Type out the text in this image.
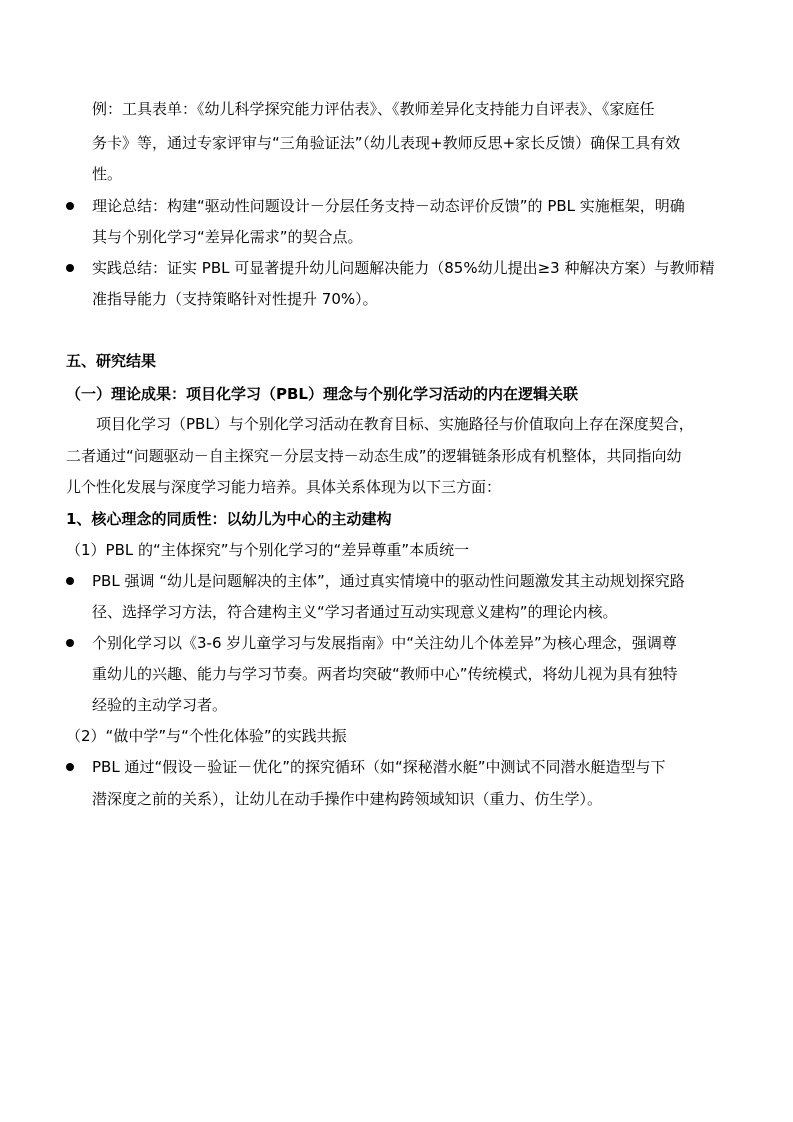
例：工具表单：《幼儿科学探究能力评估表》、《教师差异化支持能力自评表》、《家庭任
务卡》等，通过专家评审与“三角验证法”（幼儿表现+教师反思+家长反馈）确保工具有效
性。
理论总结：构建“驱动性问题设计－分层任务支持－动态评价反馈”的 PBL 实施框架，明确
其与个别化学习“差异化需求”的契合点。
实践总结：证实 PBL 可显著提升幼儿问题解决能力（85%幼儿提出≥3 种解决方案）与教师精
准指导能力（支持策略针对性提升 70%）。
五、研究结果
（一）理论成果：项目化学习（PBL）理念与个别化学习活动的内在逻辑关联
项目化学习（PBL）与个别化学习活动在教育目标、实施路径与价值取向上存在深度契合，
二者通过“问题驱动－自主探究－分层支持－动态生成”的逻辑链条形成有机整体，共同指向幼
儿个性化发展与深度学习能力培养。具体关系体现为以下三方面：
1、核心理念的同质性：以幼儿为中心的主动建构
（1）PBL 的“主体探究”与个别化学习的“差异尊重”本质统一
PBL 强调 “幼儿是问题解决的主体”，通过真实情境中的驱动性问题激发其主动规划探究路
径、选择学习方法，符合建构主义“学习者通过互动实现意义建构”的理论内核。
个别化学习以《3-6 岁儿童学习与发展指南》中“关注幼儿个体差异”为核心理念，强调尊
重幼儿的兴趣、能力与学习节奏。两者均突破“教师中心”传统模式，将幼儿视为具有独特
经验的主动学习者。
（2）“做中学”与“个性化体验”的实践共振
PBL 通过“假设－验证－优化”的探究循环（如“探秘潜水艇”中测试不同潜水艇造型与下
潜深度之前的关系），让幼儿在动手操作中建构跨领域知识（重力、仿生学）。
